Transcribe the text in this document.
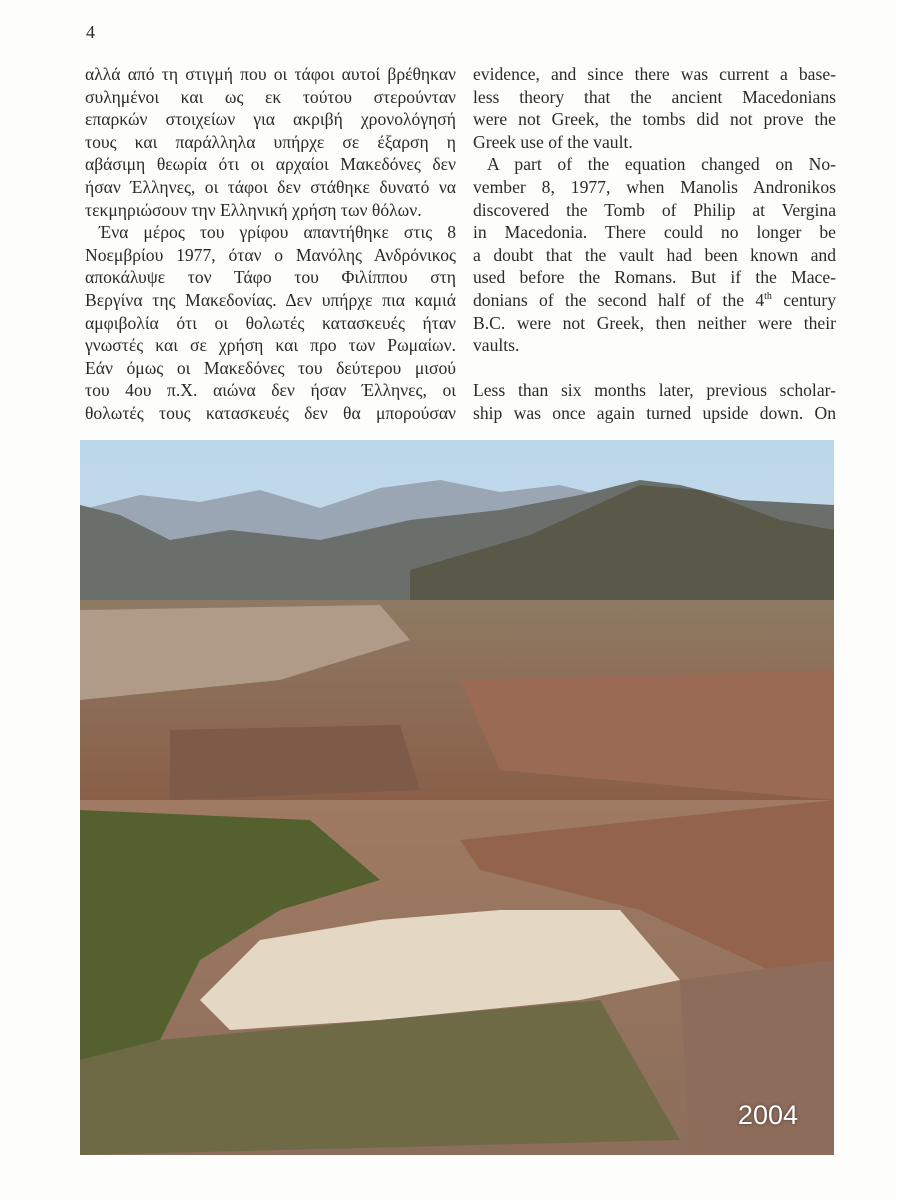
4
αλλά από τη στιγμή που οι τάφοι αυτοί βρέθηκαν
συλημένοι και ως εκ τούτου στερούνταν
επαρκών στοιχείων για ακριβή χρονολόγησή
τους και παράλληλα υπήρχε σε έξαρση η
αβάσιμη θεωρία ότι οι αρχαίοι Μακεδόνες δεν
ήσαν Έλληνες, οι τάφοι δεν στάθηκε δυνατό να
τεκμηριώσουν την Ελληνική χρήση των θόλων.
Ένα μέρος του γρίφου απαντήθηκε στις 8
Νοεμβρίου 1977, όταν ο Μανόλης Ανδρόνικος
αποκάλυψε τον Τάφο του Φιλίππου στη
Βεργίνα της Μακεδονίας. Δεν υπήρχε πια καμιά
αμφιβολία ότι οι θολωτές κατασκευές ήταν
γνωστές και σε χρήση και προ των Ρωμαίων.
Εάν όμως οι Μακεδόνες του δεύτερου μισού
του 4ου π.Χ. αιώνα δεν ήσαν Έλληνες, οι
θολωτές τους κατασκευές δεν θα μπορούσαν
evidence, and since there was current a base-
less theory that the ancient Macedonians
were not Greek, the tombs did not prove the
Greek use of the vault.
A part of the equation changed on No-
vember 8, 1977, when Manolis Andronikos
discovered the Tomb of Philip at Vergina
in Macedonia. There could no longer be
a doubt that the vault had been known and
used before the Romans. But if the Mace-
donians of the second half of the 4th century
B.C. were not Greek, then neither were their
vaults.
Less than six months later, previous scholar-
ship was once again turned upside down. On
2004
